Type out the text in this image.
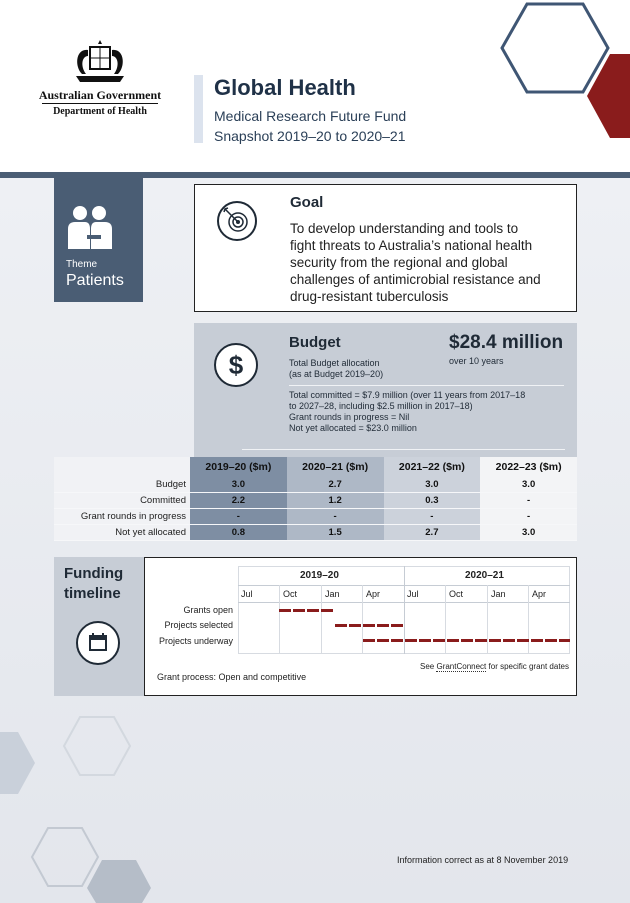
Australian Government
Department of Health
Global Health
Medical Research Future Fund
Snapshot 2019–20 to 2020–21
Theme
Patients
Goal
To develop understanding and tools to
fight threats to Australia’s national health
security from the regional and global
challenges of antimicrobial resistance and
drug-resistant tuberculosis
$
Budget
Total Budget allocation
(as at Budget 2019–20)
$28.4 million
over 10 years
Total committed = $7.9 million (over 11 years from 2017–18
to 2027–28, including $2.5 million in 2017–18)
Grant rounds in progress = Nil
Not yet allocated = $23.0 million
	2019–20 ($m)	2020–21 ($m)	2021–22 ($m)	2022–23 ($m)
Budget	3.0	2.7	3.0	3.0
Committed	2.2	1.2	0.3	-
Grant rounds in progress	-	-	-	-
Not yet allocated	0.8	1.5	2.7	3.0
Funding
timeline
2019–20	2020–21
Jul	Oct	Jan	Apr	Jul	Oct	Jan	Apr
Grants open
Projects selected
Projects underway
See GrantConnect for specific grant dates
Grant process: Open and competitive
Information correct as at 8 November 2019
